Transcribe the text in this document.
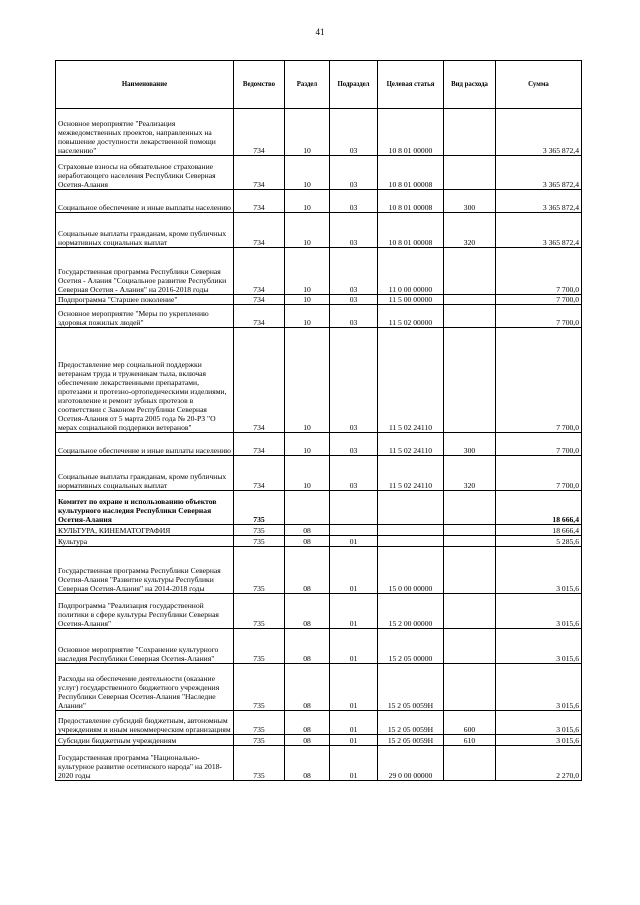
41
Наименование	Ведомство	Раздел	Подраздел	Целевая статья	Вид расхода	Сумма
Основное мероприятие "Реализация межведомственных проектов, направленных на повышение доступности лекарственной помощи населению"	734	10	03	10 8 01 00000		3 365 872,4
Страховые взносы на обязательное страхование неработающего населения Республики Северная Осетия-Алания	734	10	03	10 8 01 00008		3 365 872,4
Социальное обеспечение и иные выплаты населению	734	10	03	10 8 01 00008	300	3 365 872,4
Социальные выплаты гражданам, кроме публичных нормативных социальных выплат	734	10	03	10 8 01 00008	320	3 365 872,4
Государственная программа Республики Северная Осетия - Алания "Социальное развитие Республики Северная Осетия - Алания" на 2016-2018 годы	734	10	03	11 0 00 00000		7 700,0
Подпрограмма "Старшее поколение"	734	10	03	11 5 00 00000		7 700,0
Основное мероприятие "Меры по укреплению здоровья пожилых людей"	734	10	03	11 5 02 00000		7 700,0
Предоставление мер социальной поддержки ветеранам труда и труженикам тыла, включая обеспечение лекарственными препаратами, протезами и протезно-ортопедическими изделиями, изготовление и ремонт зубных протезов в соответствии с Законом Республики Северная Осетия-Алания от 5 марта 2005 года № 20-РЗ "О мерах социальной поддержки ветеранов"	734	10	03	11 5 02 24110		7 700,0
Социальное обеспечение и иные выплаты населению	734	10	03	11 5 02 24110	300	7 700,0
Социальные выплаты гражданам, кроме публичных нормативных социальных выплат	734	10	03	11 5 02 24110	320	7 700,0
Комитет по охране и использованию объектов культурного наследия Республики Северная Осетия-Алания	735					18 666,4
КУЛЬТУРА, КИНЕМАТОГРАФИЯ	735	08				18 666,4
Культура	735	08	01			5 285,6
Государственная программа Республики Северная Осетия-Алания "Развитие культуры Республики Северная Осетия-Алания" на 2014-2018 годы	735	08	01	15 0 00 00000		3 015,6
Подпрограмма "Реализация государственной политики в сфере культуры Республики Северная Осетия-Алания"	735	08	01	15 2 00 00000		3 015,6
Основное мероприятие "Сохранение культурного наследия Республики Северная Осетия-Алания"	735	08	01	15 2 05 00000		3 015,6
Расходы на обеспечение деятельности (оказание услуг) государственного бюджетного учреждения Республики Северная Осетия-Алания "Наследие Алании"	735	08	01	15 2 05 0059Н		3 015,6
Предоставление субсидий бюджетным, автономным учреждениям и иным некоммерческим организациям	735	08	01	15 2 05 0059Н	600	3 015,6
Субсидии бюджетным учреждениям	735	08	01	15 2 05 0059Н	610	3 015,6
Государственная программа "Национально-культурное развитие осетинского народа" на 2018-2020 годы	735	08	01	29 0 00 00000		2 270,0
